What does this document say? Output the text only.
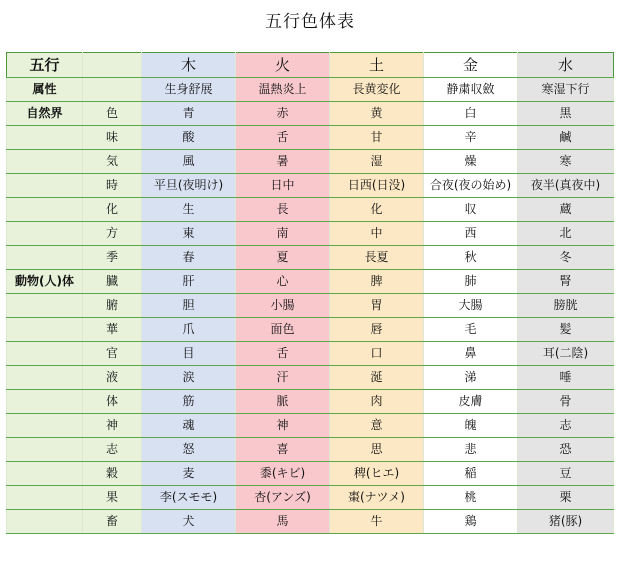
五行色体表
五行		木	火	土	金	水
属性		生身舒展	温熱炎上	長黄変化	静粛収斂	寒湿下行
自然界	色	青	赤	黄	白	黒
	味	酸	舌	甘	辛	鹹
	気	風	暑	湿	燥	寒
	時	平旦(夜明け)	日中	日西(日没)	合夜(夜の始め)	夜半(真夜中)
	化	生	長	化	収	蔵
	方	東	南	中	西	北
	季	春	夏	長夏	秋	冬
動物(人)体	臓	肝	心	脾	肺	腎
	腑	胆	小腸	胃	大腸	膀胱
	華	爪	面色	唇	毛	髪
	官	目	舌	口	鼻	耳(二陰)
	液	涙	汗	涎	涕	唾
	体	筋	脈	肉	皮膚	骨
	神	魂	神	意	魄	志
	志	怒	喜	思	悲	恐
	穀	麦	黍(キビ)	稗(ヒエ)	稲	豆
	果	李(スモモ)	杏(アンズ)	棗(ナツメ)	桃	栗
	畜	犬	馬	牛	鶏	猪(豚)
